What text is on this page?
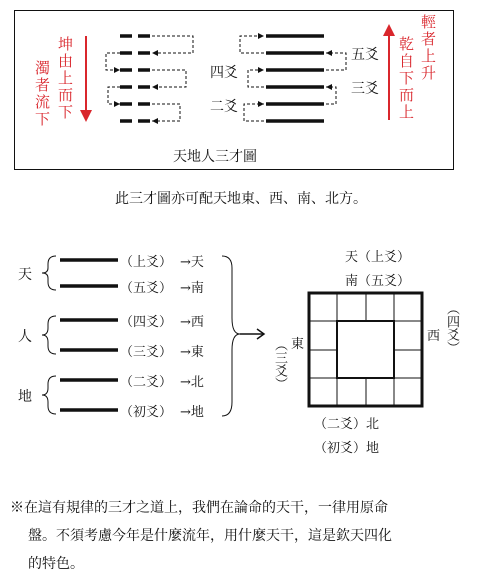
坤由上而下
濁者流下	乾自下而上 輕者上升
五爻
三爻
四爻
二爻
天地人三才圖
此三才圖亦可配天地東、西、南、北方。
天
人
地
（上爻） →天
（五爻） →南
（四爻） →西
（三爻） →東
（二爻） →北
（初爻） →地
天（上爻）
南（五爻）
西 （四爻）
東
（三爻）
（二爻）北
（初爻）地
※在這有規律的三才之道上，我們在論命的天干，一律用原命
盤。不須考慮今年是什麼流年，用什麼天干，這是欽天四化
的特色。
